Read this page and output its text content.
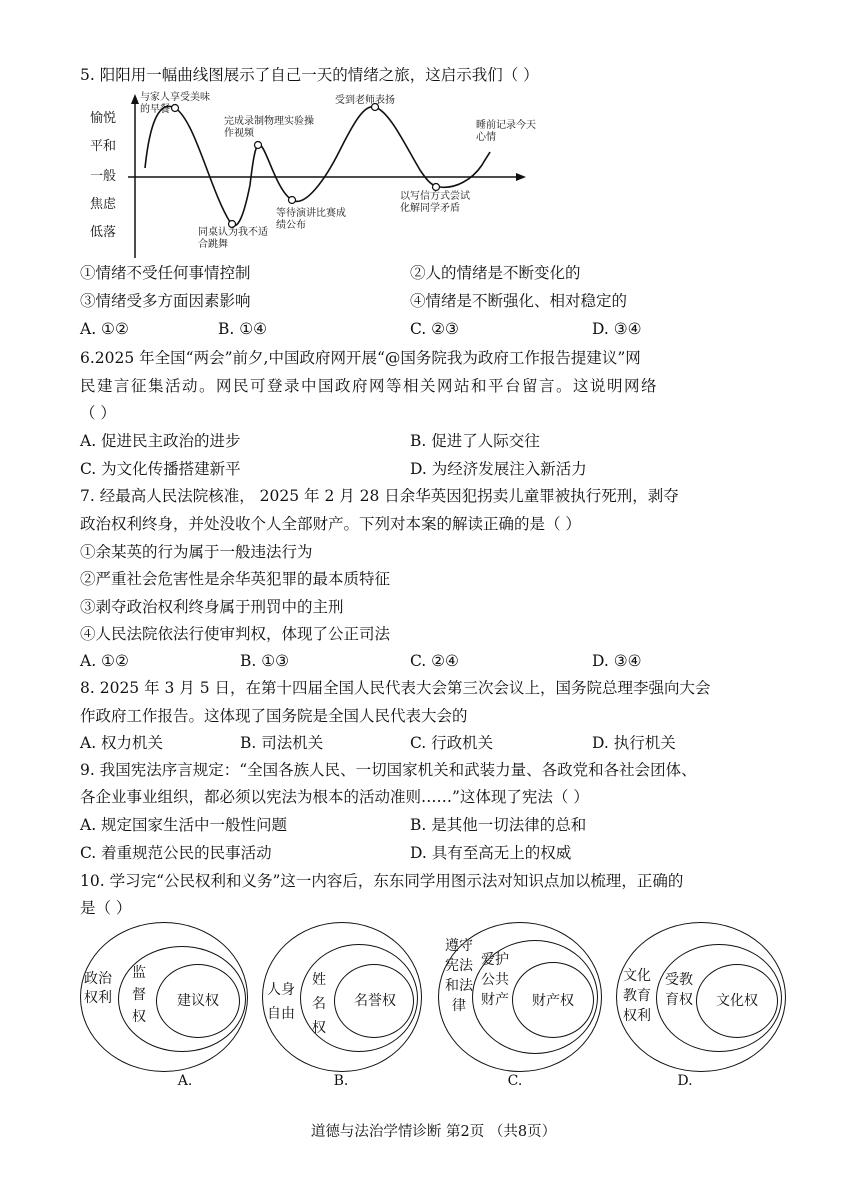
5. 阳阳用一幅曲线图展示了自己一天的情绪之旅，这启示我们（ ）
愉悦
平和
一般
焦虑
低落
与家人享受美味的早餐
同桌认为我不适合跳舞
完成录制物理实验操作视频
等待演讲比赛成绩公布
受到老师表扬
以写信方式尝试化解同学矛盾
睡前记录今天心情
①情绪不受任何事情控制	②人的情绪是不断变化的
③情绪受多方面因素影响	④情绪是不断强化、相对稳定的
A. ①②	B. ①④	C. ②③	D. ③④
6.2025 年全国“两会”前夕,中国政府网开展“@国务院我为政府工作报告提建议”网
民建言征集活动。网民可登录中国政府网等相关网站和平台留言。这说明网络
（ ）
A. 促进民主政治的进步	B. 促进了人际交往
C. 为文化传播搭建新平	D. 为经济发展注入新活力
7. 经最高人民法院核准， 2025 年 2 月 28 日余华英因犯拐卖儿童罪被执行死刑，剥夺
政治权利终身，并处没收个人全部财产。下列对本案的解读正确的是（ ）
①余某英的行为属于一般违法行为
②严重社会危害性是余华英犯罪的最本质特征
③剥夺政治权利终身属于刑罚中的主刑
④人民法院依法行使审判权，体现了公正司法
A. ①②	B. ①③	C. ②④	D. ③④
8. 2025 年 3 月 5 日，在第十四届全国人民代表大会第三次会议上，国务院总理李强向大会
作政府工作报告。这体现了国务院是全国人民代表大会的
A. 权力机关	B. 司法机关	C. 行政机关	D. 执行机关
9. 我国宪法序言规定：“全国各族人民、一切国家机关和武装力量、各政党和各社会团体、
各企业事业组织，都必须以宪法为根本的活动准则……”这体现了宪法（ ）
A. 规定国家生活中一般性问题	B. 是其他一切法律的总和
C. 着重规范公民的民事活动	D. 具有至高无上的权威
10. 学习完“公民权利和义务”这一内容后，东东同学用图示法对知识点加以梳理，正确的
是（ ）
政治权利
监督权
建议权
A.
人身自由
姓名权
名誉权
B.
遵守宪法和法律
爱护公共财产	财产权
C.
文化教育权利
受教育权	文化权
D.
道德与法治学情诊断 第2页 （共8页）
